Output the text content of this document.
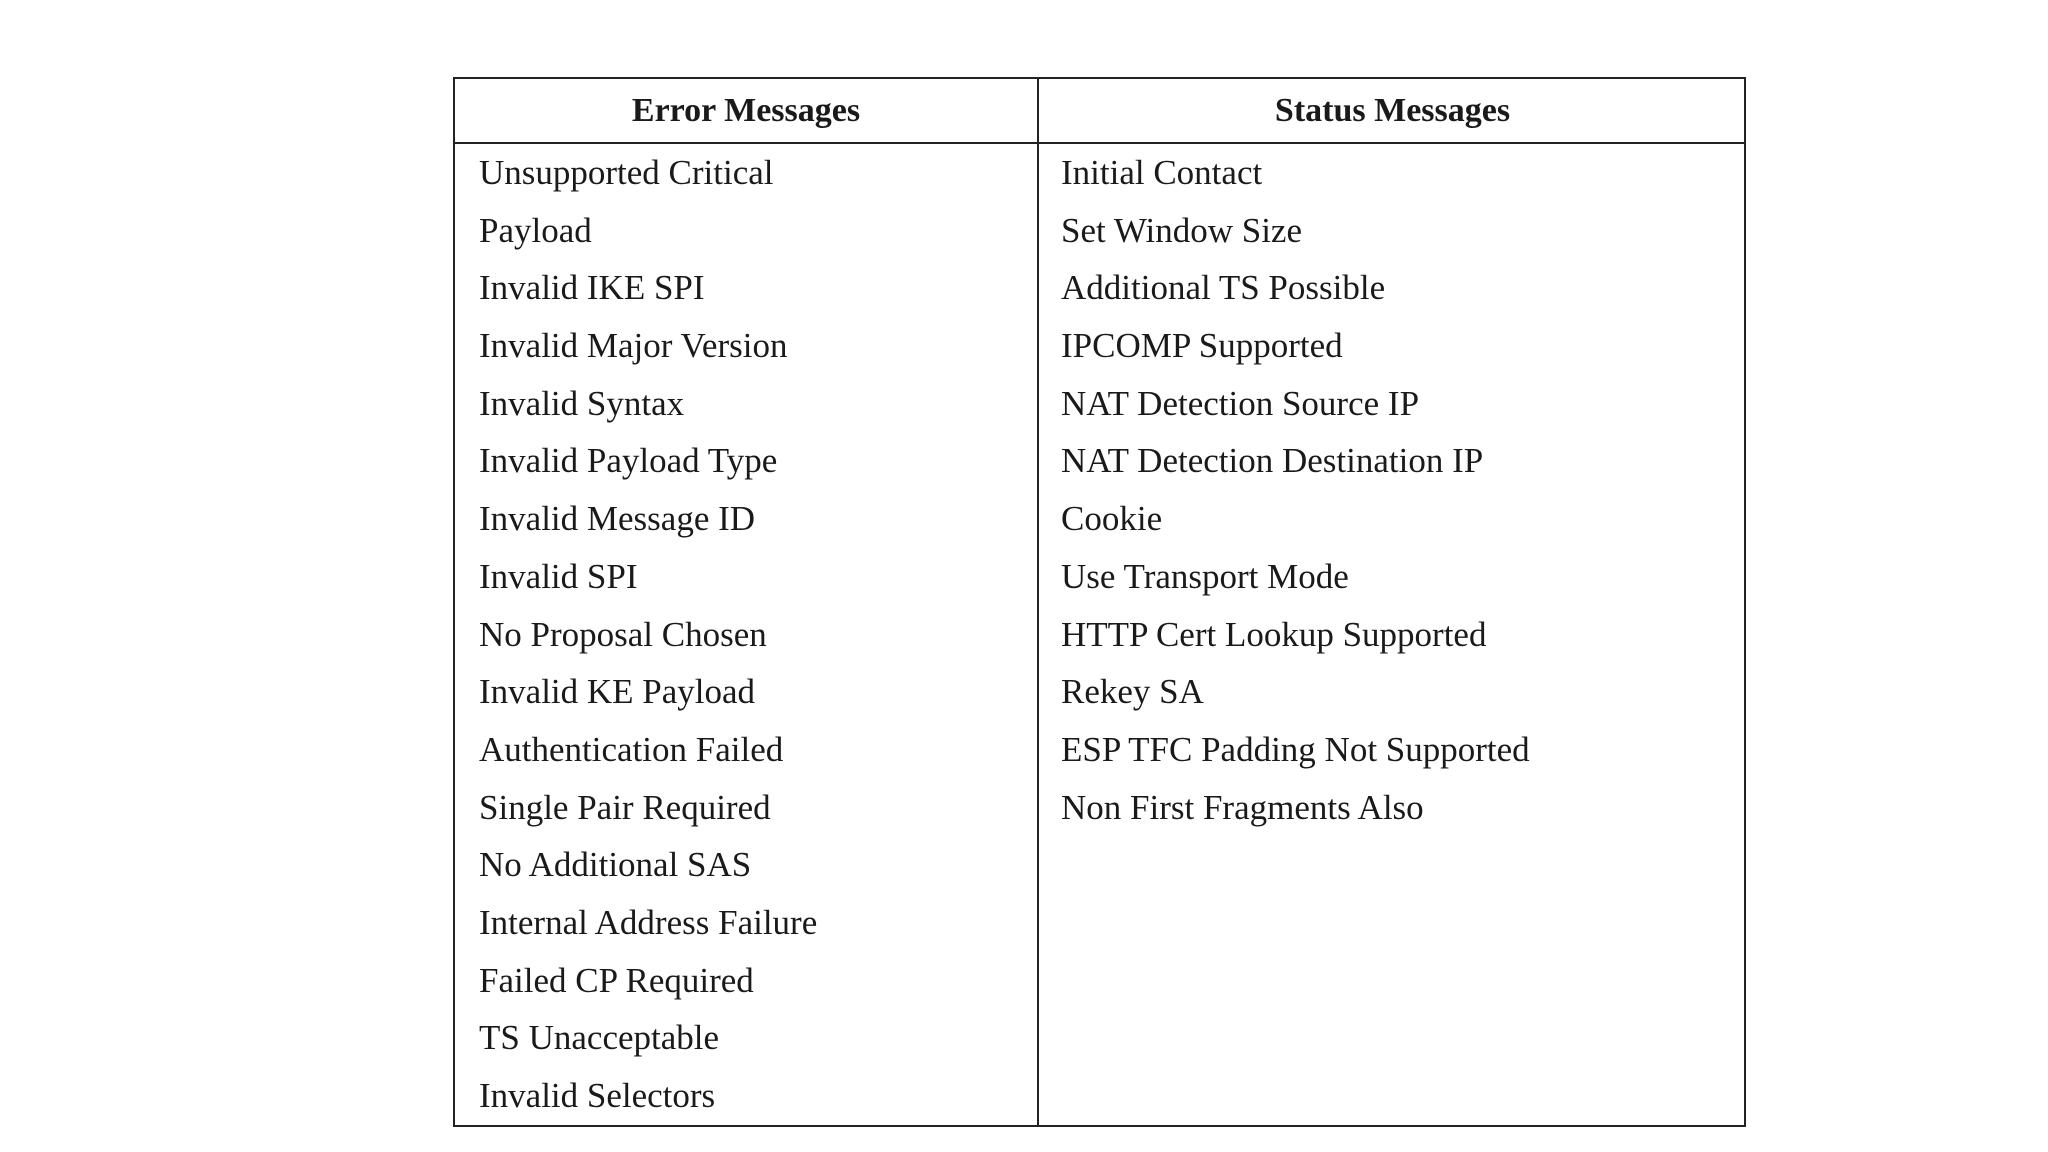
Error Messages	Status Messages
Unsupported Critical
Payload
Invalid IKE SPI
Invalid Major Version
Invalid Syntax
Invalid Payload Type
Invalid Message ID
Invalid SPI
No Proposal Chosen
Invalid KE Payload
Authentication Failed
Single Pair Required
No Additional SAS
Internal Address Failure
Failed CP Required
TS Unacceptable
Invalid Selectors
Initial Contact
Set Window Size
Additional TS Possible
IPCOMP Supported
NAT Detection Source IP
NAT Detection Destination IP
Cookie
Use Transport Mode
HTTP Cert Lookup Supported
Rekey SA
ESP TFC Padding Not Supported
Non First Fragments Also
